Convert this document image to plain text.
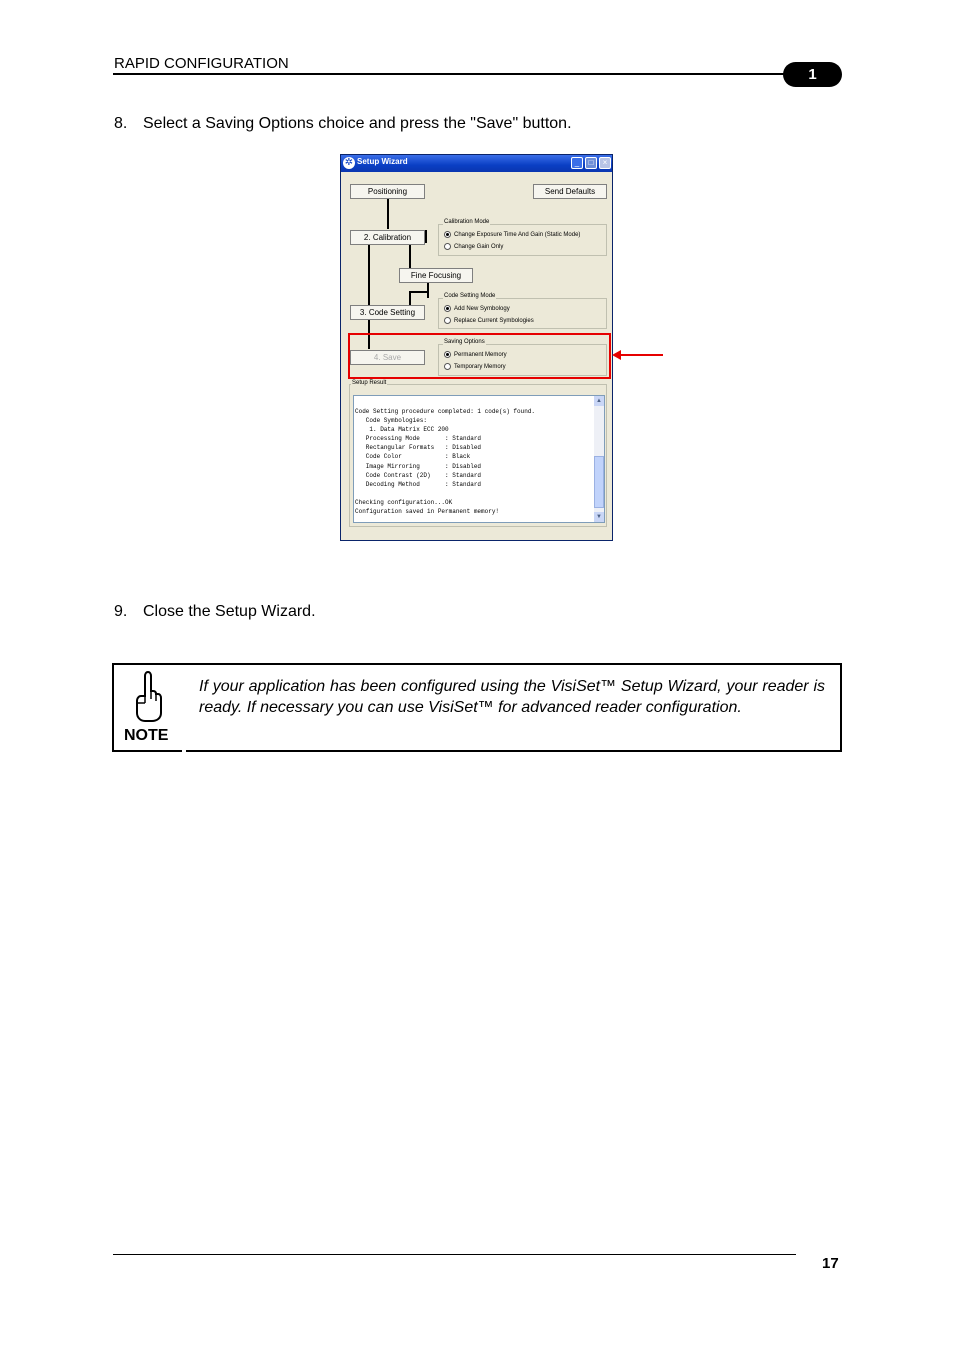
RAPID CONFIGURATION
1
8. Select a Saving Options choice and press the "Save" button.
✲ Setup Wizard	_	□	×
Positioning	Send Defaults
2. Calibration
Fine Focusing
3. Code Setting
4. Save
Calibration Mode
Change Exposure Time And Gain (Static Mode)
Change Gain Only
Code Setting Mode
Add New Symbology
Replace Current Symbologies
Saving Options
Permanent Memory
Temporary Memory
Setup Result
Code Setting procedure completed: 1 code(s) found.
Code Symbologies:
1. Data Matrix ECC 200
Processing Mode       : Standard
Rectangular Formats   : Disabled
Code Color            : Black
Image Mirroring       : Disabled
Code Contrast (2D)    : Standard
Decoding Method       : Standard

Checking configuration...OK
Configuration saved in Permanent memory!
▲
▼
9. Close the Setup Wizard.
NOTE
If your application has been configured using the VisiSet™ Setup Wizard, your reader is ready. If necessary you can use VisiSet™ for advanced reader configuration.
17
